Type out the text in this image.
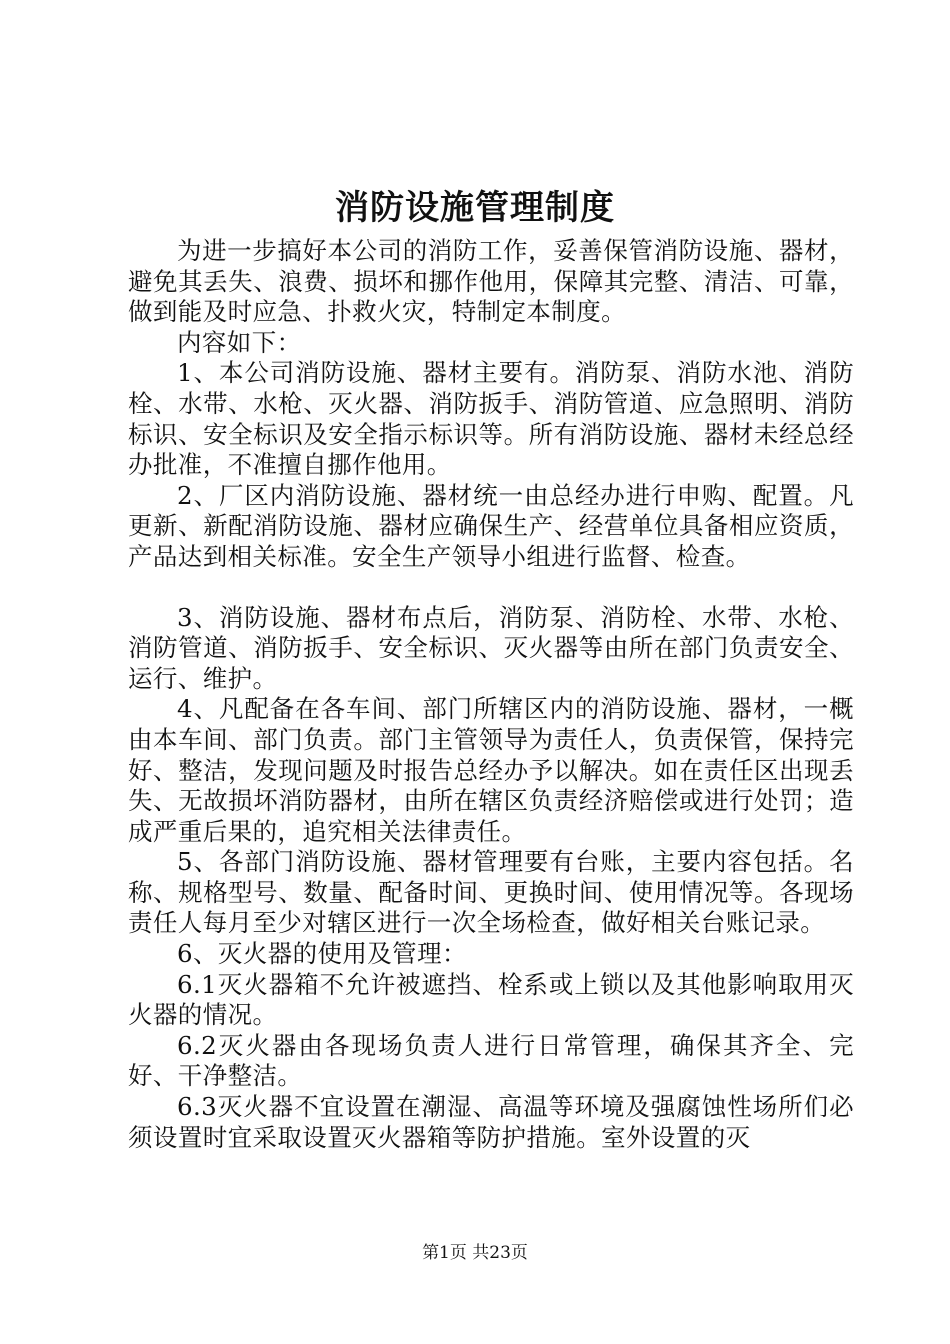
消防设施管理制度

为进一步搞好本公司的消防工作，妥善保管消防设施、器材，避免其丢失、浪费、损坏和挪作他用，保障其完整、清洁、可靠，做到能及时应急、扑救火灾，特制定本制度。

内容如下：

1、本公司消防设施、器材主要有。消防泵、消防水池、消防栓、水带、水枪、灭火器、消防扳手、消防管道、应急照明、消防标识、安全标识及安全指示标识等。所有消防设施、器材未经总经办批准，不准擅自挪作他用。

2、厂区内消防设施、器材统一由总经办进行申购、配置。凡更新、新配消防设施、器材应确保生产、经营单位具备相应资质，产品达到相关标准。安全生产领导小组进行监督、检查。

3、消防设施、器材布点后，消防泵、消防栓、水带、水枪、消防管道、消防扳手、安全标识、灭火器等由所在部门负责安全、运行、维护。

4、凡配备在各车间、部门所辖区内的消防设施、器材，一概由本车间、部门负责。部门主管领导为责任人，负责保管，保持完好、整洁，发现问题及时报告总经办予以解决。如在责任区出现丢失、无故损坏消防器材，由所在辖区负责经济赔偿或进行处罚；造成严重后果的，追究相关法律责任。

5、各部门消防设施、器材管理要有台账，主要内容包括。名称、规格型号、数量、配备时间、更换时间、使用情况等。各现场责任人每月至少对辖区进行一次全场检查，做好相关台账记录。

6、灭火器的使用及管理：

6.1灭火器箱不允许被遮挡、栓系或上锁以及其他影响取用灭火器的情况。

6.2灭火器由各现场负责人进行日常管理，确保其齐全、完好、干净整洁。

6.3灭火器不宜设置在潮湿、高温等环境及强腐蚀性场所们必须设置时宜采取设置灭火器箱等防护措施。室外设置的灭

第1页 共23页
